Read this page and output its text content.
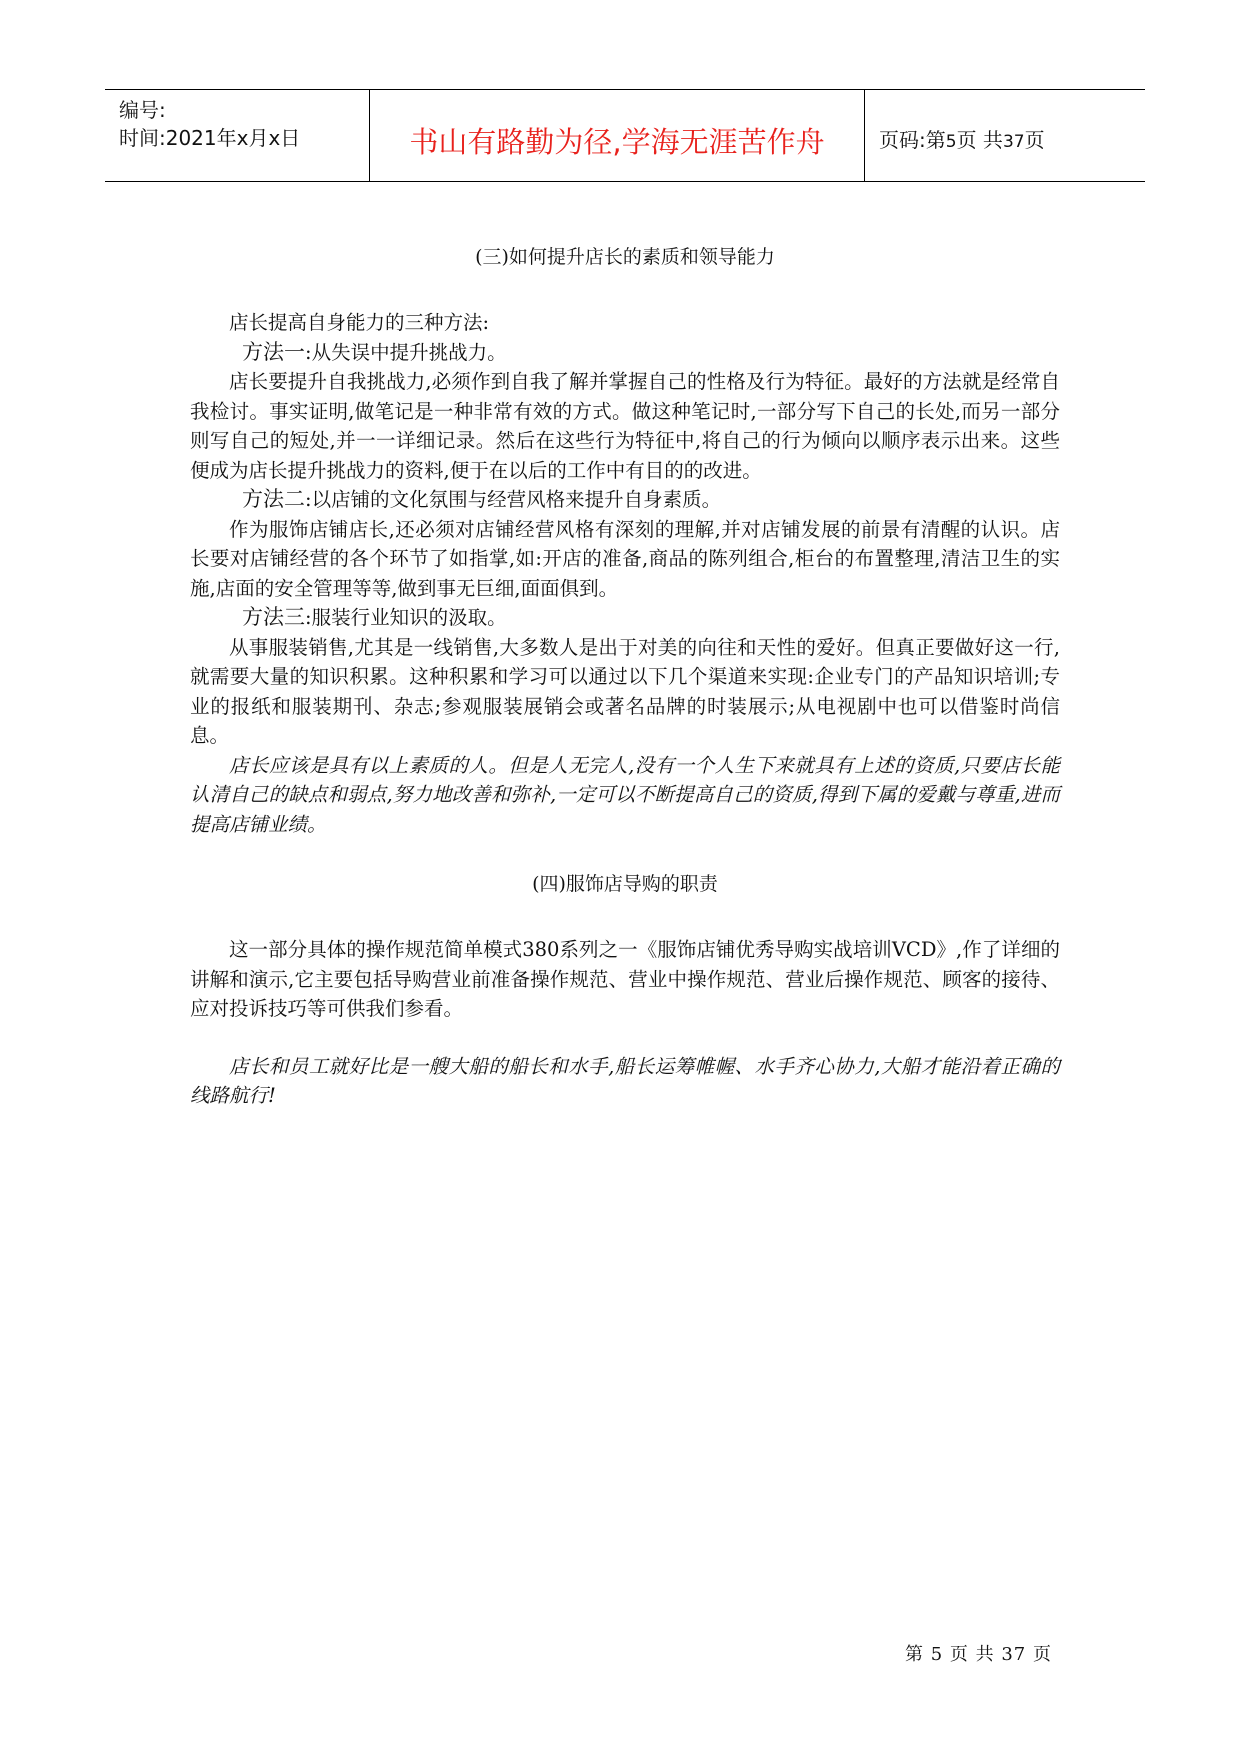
编号:
时间:2021年x月x日	书山有路勤为径,学海无涯苦作舟	页码:第5页 共37页

(三)如何提升店长的素质和领导能力

店长提高自身能力的三种方法:

方法一:从失误中提升挑战力。

店长要提升自我挑战力,必须作到自我了解并掌握自己的性格及行为特征。最好的方法就是经常自我检讨。事实证明,做笔记是一种非常有效的方式。做这种笔记时,一部分写下自己的长处,而另一部分则写自己的短处,并一一详细记录。然后在这些行为特征中,将自己的行为倾向以顺序表示出来。这些便成为店长提升挑战力的资料,便于在以后的工作中有目的的改进。

方法二:以店铺的文化氛围与经营风格来提升自身素质。

作为服饰店铺店长,还必须对店铺经营风格有深刻的理解,并对店铺发展的前景有清醒的认识。店长要对店铺经营的各个环节了如指掌,如:开店的准备,商品的陈列组合,柜台的布置整理,清洁卫生的实施,店面的安全管理等等,做到事无巨细,面面俱到。

方法三:服装行业知识的汲取。

从事服装销售,尤其是一线销售,大多数人是出于对美的向往和天性的爱好。但真正要做好这一行,就需要大量的知识积累。这种积累和学习可以通过以下几个渠道来实现:企业专门的产品知识培训;专业的报纸和服装期刊、杂志;参观服装展销会或著名品牌的时装展示;从电视剧中也可以借鉴时尚信息。

店长应该是具有以上素质的人。但是人无完人,没有一个人生下来就具有上述的资质,只要店长能认清自己的缺点和弱点,努力地改善和弥补,一定可以不断提高自己的资质,得到下属的爱戴与尊重,进而提高店铺业绩。

(四)服饰店导购的职责

这一部分具体的操作规范简单模式380系列之一《服饰店铺优秀导购实战培训VCD》,作了详细的讲解和演示,它主要包括导购营业前准备操作规范、营业中操作规范、营业后操作规范、顾客的接待、应对投诉技巧等可供我们参看。

店长和员工就好比是一艘大船的船长和水手,船长运筹帷幄、水手齐心协力,大船才能沿着正确的线路航行!

第 5 页 共 37 页
